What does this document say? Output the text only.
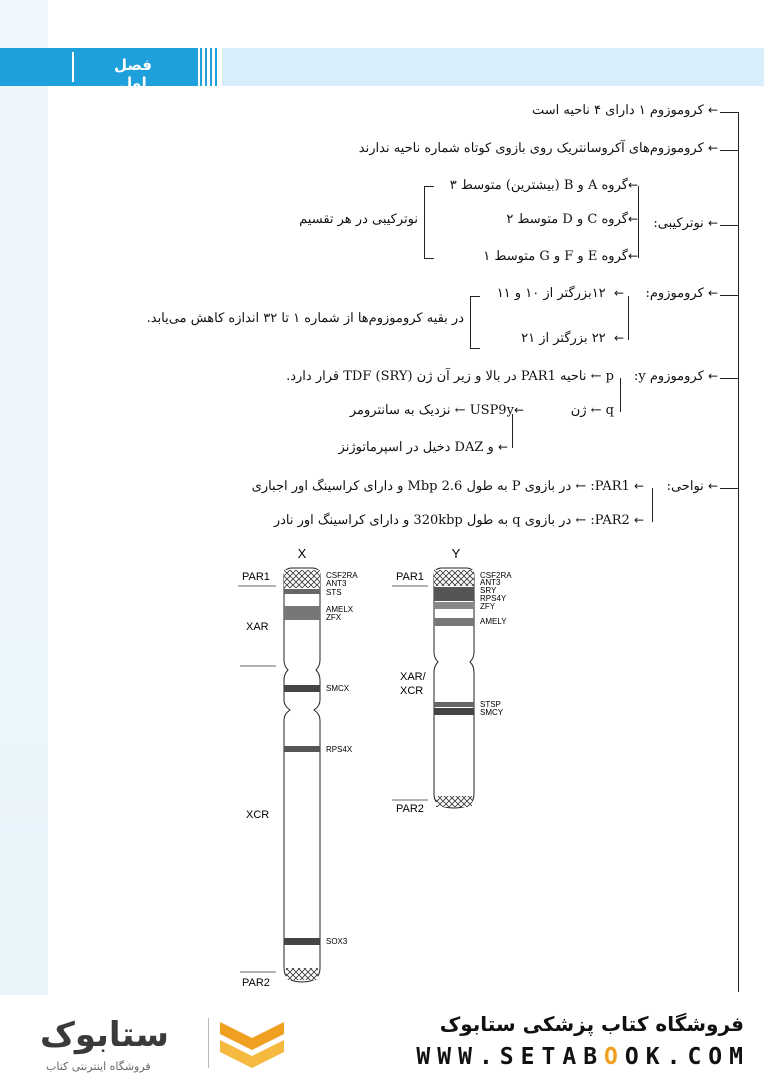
فصل اول
← کروموزوم ۱ دارای ۴ ناحیه است
← کروموزوم‌های آکروسانتریک روی بازوی کوتاه شماره ناحیه ندارند
← نوترکیبی:
←گروه A و B (بیشترین) متوسط ۳
←گروه C و D متوسط ۲
←گروه E و F و G متوسط ۱
نوترکیبی در هر تقسیم
← کروموزوم:
←  ۱۲بزرگتر از ۱۰ و ۱۱
←  ۲۲ بزرگتر از ۲۱
در بقیه کروموزوم‌ها از شماره ۱ تا ۳۲ اندازه کاهش می‌یابد.
← کروموزوم y:
p ← ناحیه PAR1 در بالا و زیر آن ژن TDF (SRY) قرار دارد.
q ← ژن
←USP9y ← نزدیک به سانترومر
← و DAZ دخیل در اسپرماتوژنز
← نواحی:
← PAR1: ← در بازوی P به طول 2.6 Mbp و دارای کراسینگ اور اجباری
← PAR2: ← در بازوی q به طول 320kbp و دارای کراسینگ اور نادر
X
PAR1
XAR
XCR
PAR2
CSF2RA
ANT3
STS
AMELX
ZFX
SMCX
RPS4X
SOX3
Y
PAR1
XAR/
XCR
PAR2
CSF2RA
ANT3
SRY
RPS4Y
ZFY
AMELY
STSP
SMCY
فروشگاه کتاب پزشکی ستابوک
WWW.SETABOOK.COM
ستابوک
فروشگاه اینترنتی کتاب
